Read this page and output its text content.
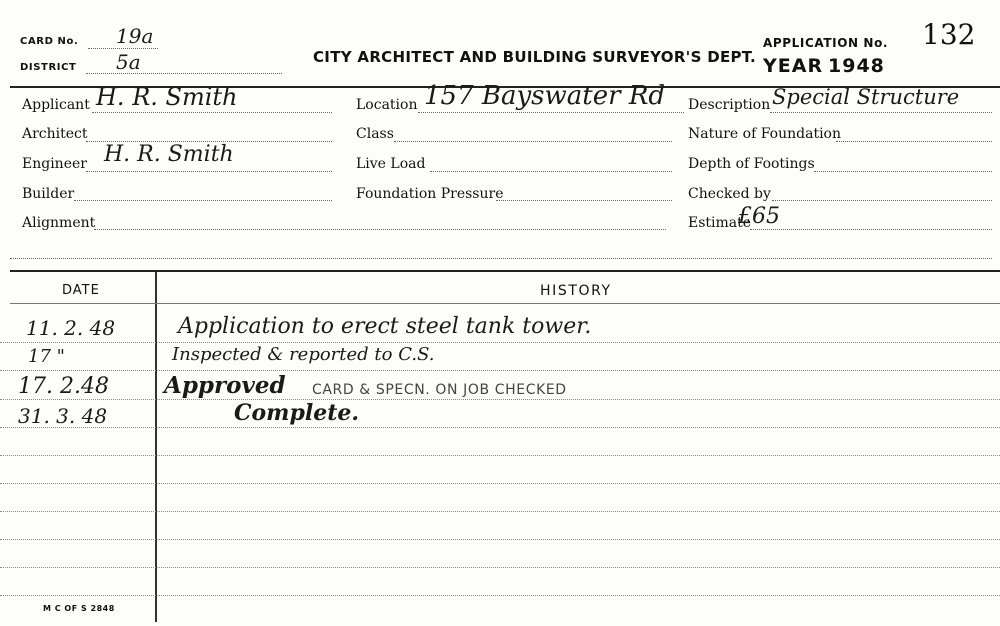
CARD No. 19a
DISTRICT 5a	CITY ARCHITECT AND BUILDING SURVEYOR'S DEPT.
APPLICATION No. 132
YEAR 1948
Applicant H. R. Smith
Architect
Engineer H. R. Smith
Builder
Alignment
Location 157 Bayswater Rd
Class
Live Load
Foundation Pressure
Description Special Structure
Nature of Foundation
Depth of Footings
Checked by
Estimate
£65
DATE	HISTORY
11. 2. 48	Application to erect steel tank tower.
17 "	Inspected & reported to C.S.
17. 2.48 Approved CARD & SPECN. ON JOB CHECKED
31. 3. 48	Complete.
M C OF S 2848
